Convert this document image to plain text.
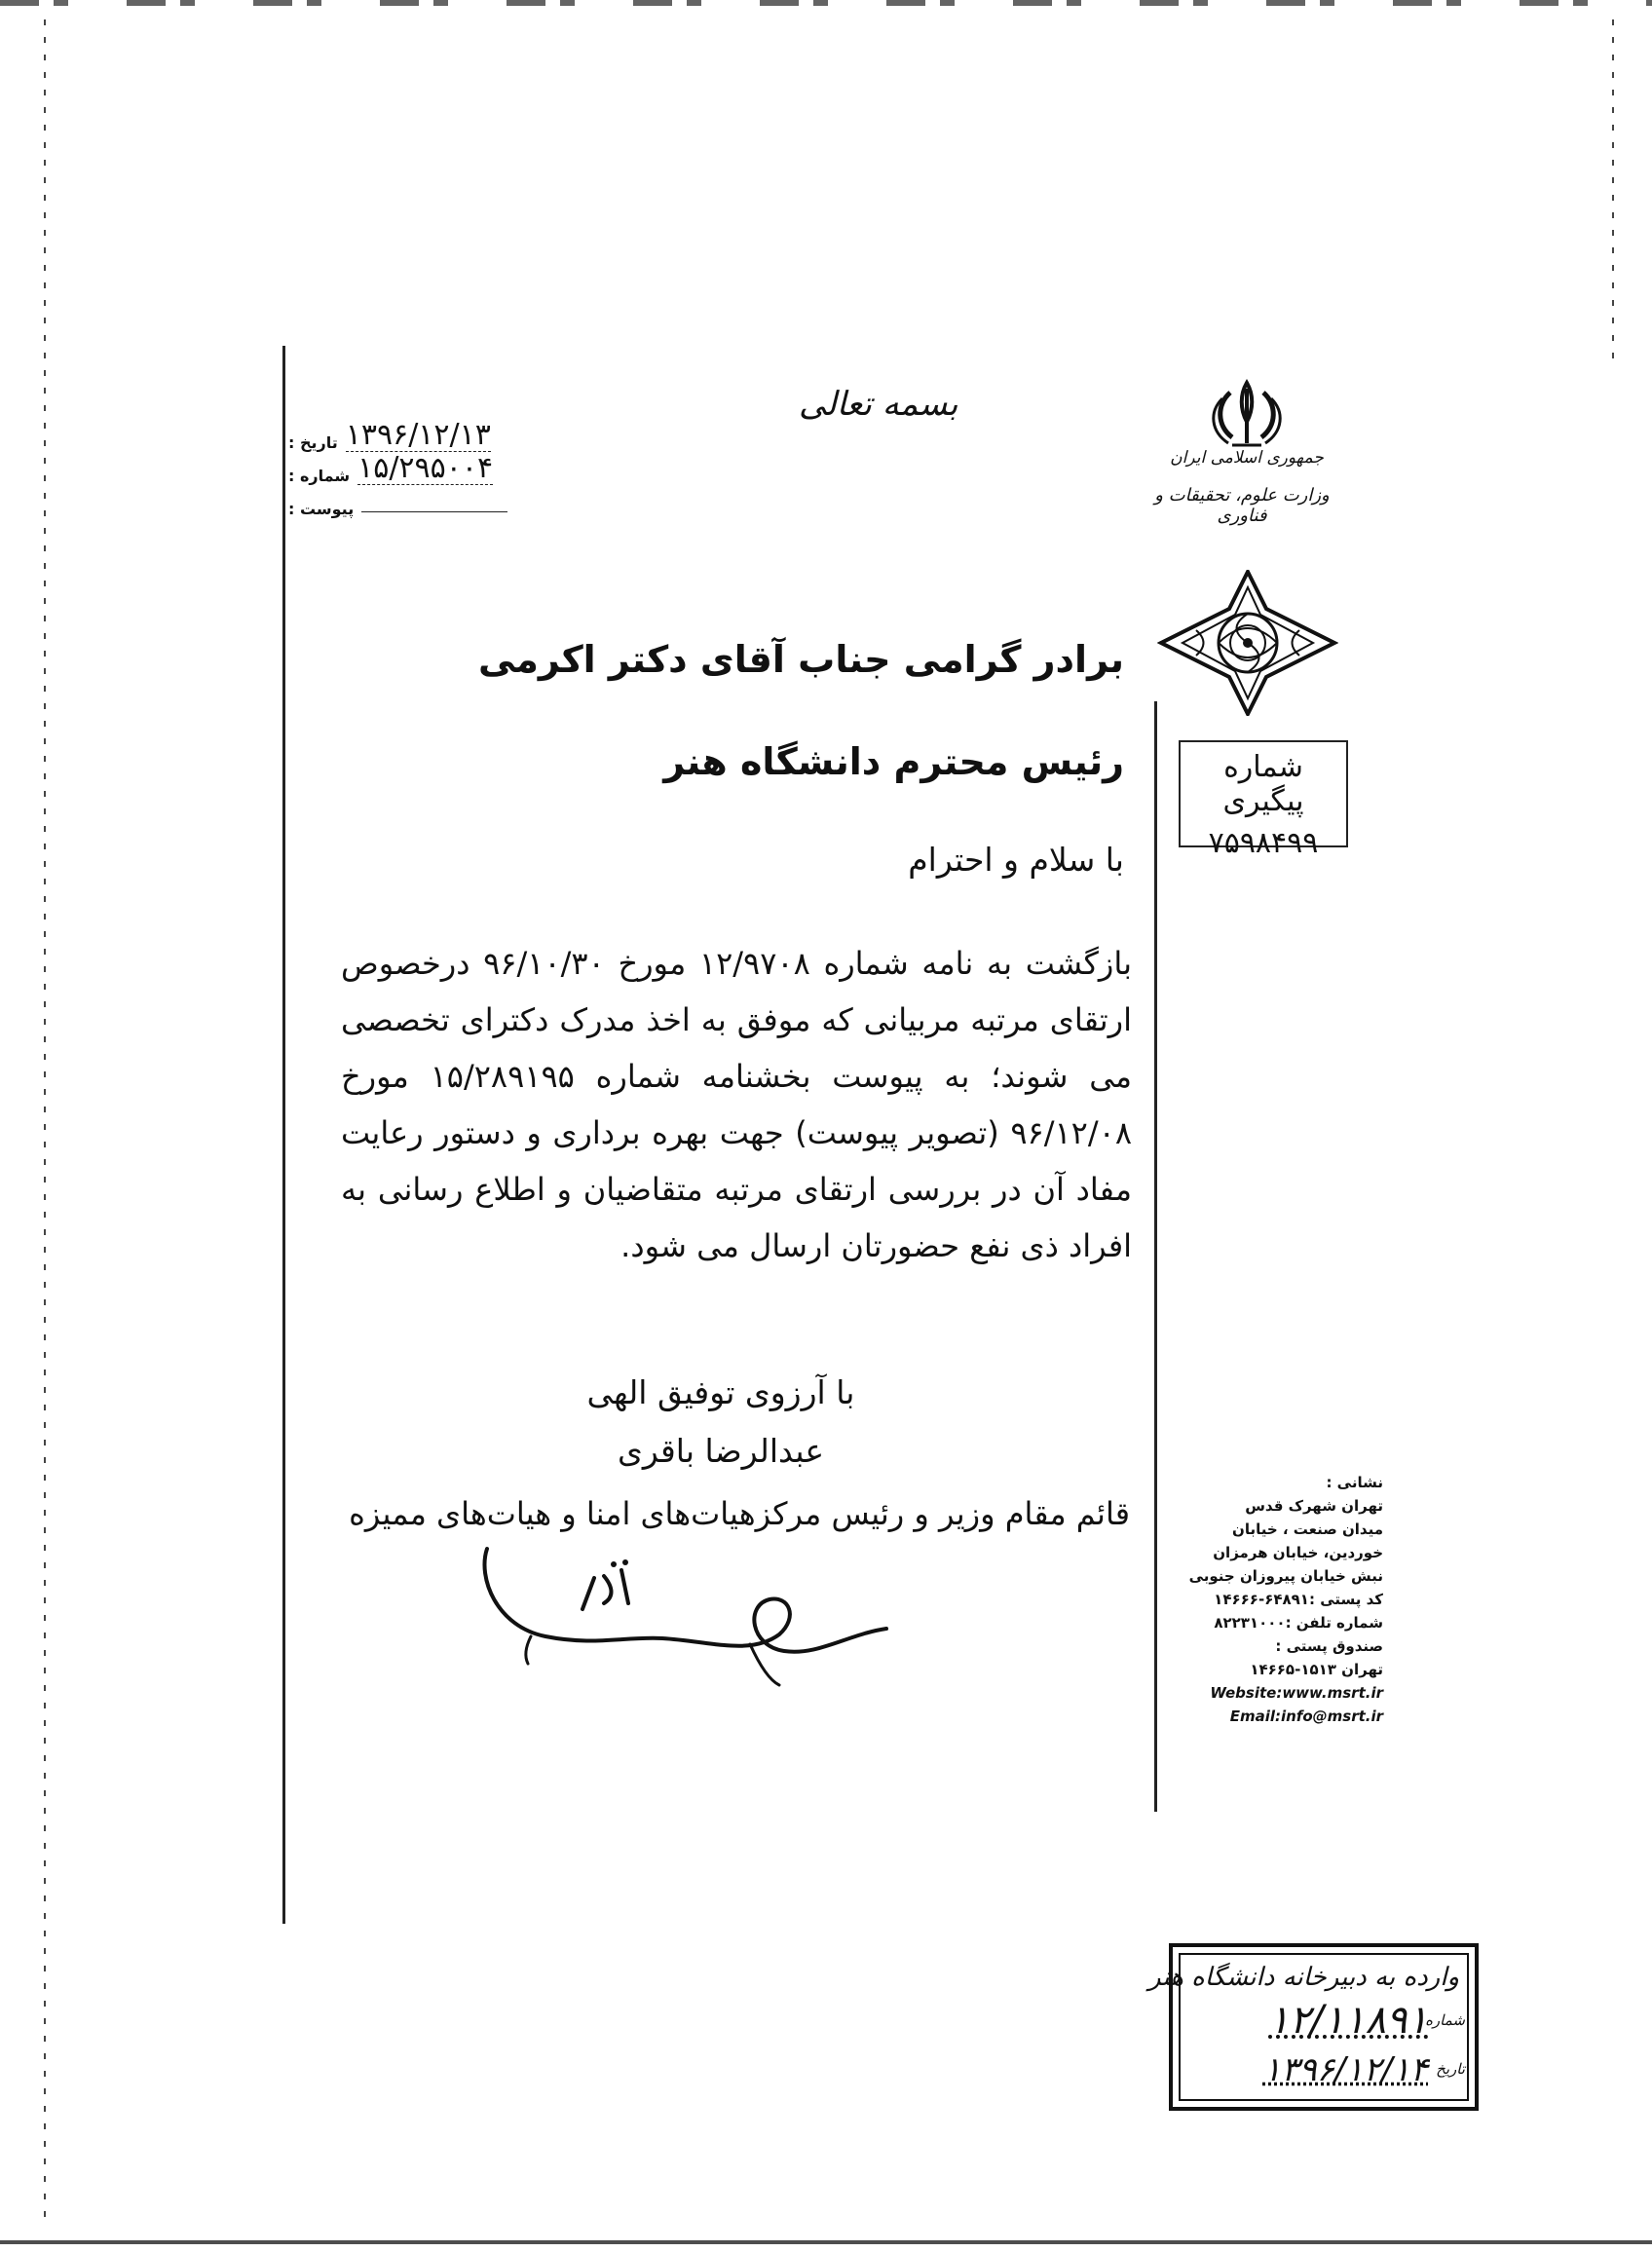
بسمه تعالی
تاریخ : ۱۳۹۶/۱۲/۱۳
شماره : ۱۵/۲۹۵۰۰۴
پیوست :
جمهوری اسلامی ایران
وزارت علوم، تحقیقات و فناوری
شماره پیگیری
۷۵۹۸۴۹۹
برادر گرامی جناب آقای دکتر اکرمی
رئیس محترم دانشگاه هنر
با سلام و احترام
بازگشت به نامه شماره ۱۲/۹۷۰۸ مورخ ۹۶/۱۰/۳۰ درخصوص ارتقای مرتبه مربیانی که موفق به اخذ مدرک دکترای تخصصی می شوند؛ به پیوست بخشنامه شماره ۱۵/۲۸۹۱۹۵ مورخ ۹۶/۱۲/۰۸ (تصویر پیوست) جهت بهره برداری و دستور رعایت مفاد آن در بررسی ارتقای مرتبه متقاضیان و اطلاع رسانی به افراد ذی نفع حضورتان ارسال می شود.
با آرزوی توفیق الهی
عبدالرضا باقری
قائم مقام وزیر و رئیس مرکزهیات‌های امنا و هیات‌های ممیزه
نشانی :
تهران شهرک قدس
میدان صنعت ، خیابان
خوردین، خیابان هرمزان
نبش خیابان پیروزان جنوبی
کد پستی :۶۴۸۹۱-۱۴۶۶۶
شماره تلفن :۸۲۲۳۱۰۰۰
صندوق پستی :
تهران ۱۵۱۳-۱۴۶۶۵
Website:www.msrt.ir
Email:info@msrt.ir
وارده به دبیرخانه دانشگاه هنر
شماره
۱۲/۱۱۸۹۱
تاریخ
۱۳۹۶/۱۲/۱۴
